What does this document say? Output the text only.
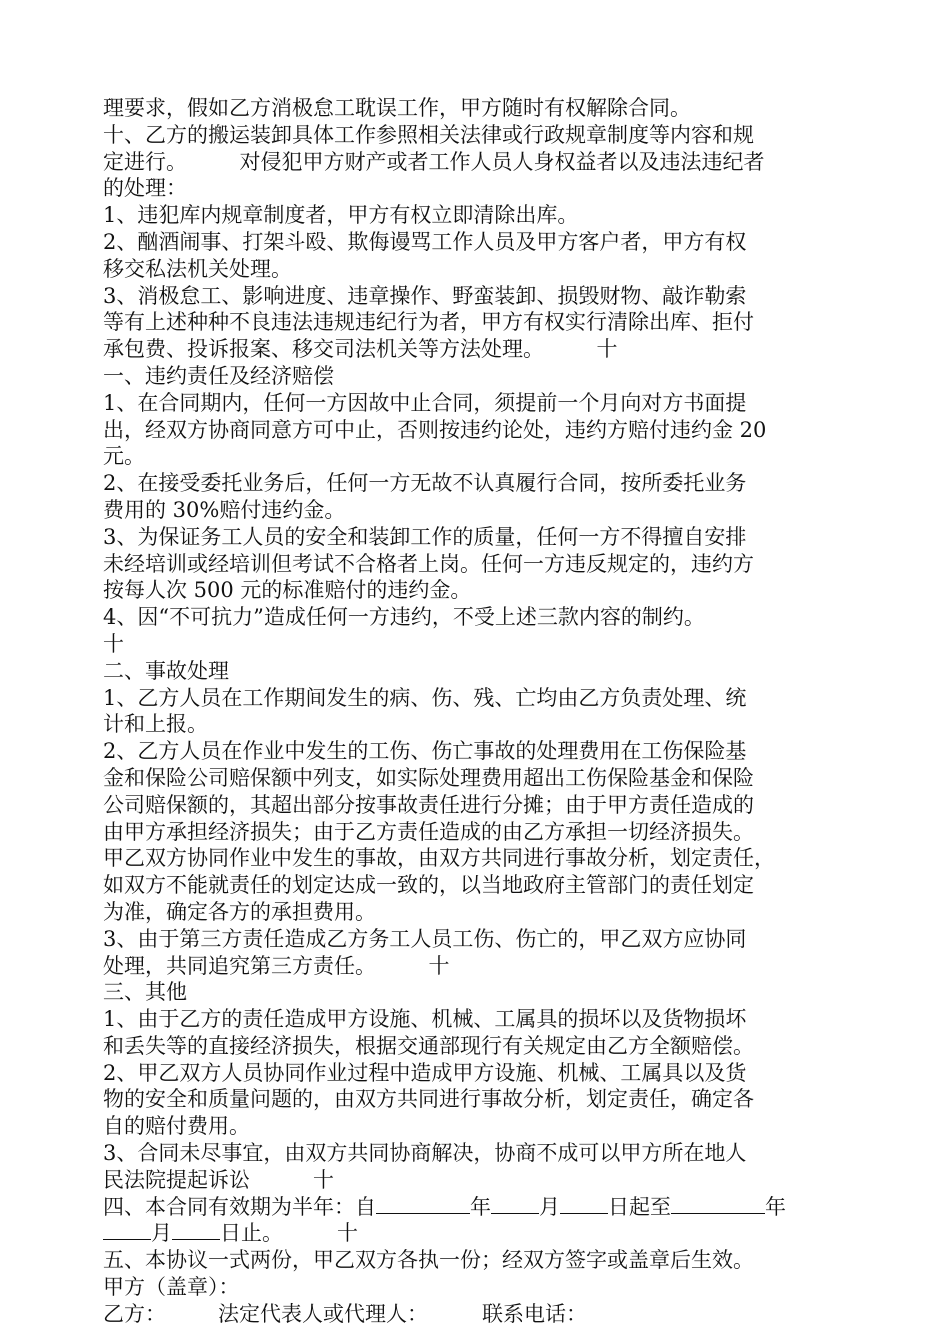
理要求，假如乙方消极怠工耽误工作，甲方随时有权解除合同。
十、乙方的搬运装卸具体工作参照相关法律或行政规章制度等内容和规
定进行。　　　对侵犯甲方财产或者工作人员人身权益者以及违法违纪者
的处理：
1、违犯库内规章制度者，甲方有权立即清除出库。
2、酗酒闹事、打架斗殴、欺侮谩骂工作人员及甲方客户者，甲方有权
移交私法机关处理。
3、消极怠工、影响进度、违章操作、野蛮装卸、损毁财物、敲诈勒索
等有上述种种不良违法违规违纪行为者，甲方有权实行清除出库、拒付
承包费、投诉报案、移交司法机关等方法处理。　　　十
一、违约责任及经济赔偿
1、在合同期内，任何一方因故中止合同，须提前一个月向对方书面提
出，经双方协商同意方可中止，否则按违约论处，违约方赔付违约金 20
元。
2、在接受委托业务后，任何一方无故不认真履行合同，按所委托业务
费用的 30%赔付违约金。
3、为保证务工人员的安全和装卸工作的质量，任何一方不得擅自安排
未经培训或经培训但考试不合格者上岗。任何一方违反规定的，违约方
按每人次 500 元的标准赔付的违约金。
4、因“不可抗力”造成任何一方违约，不受上述三款内容的制约。
十
二、事故处理
1、乙方人员在工作期间发生的病、伤、残、亡均由乙方负责处理、统
计和上报。
2、乙方人员在作业中发生的工伤、伤亡事故的处理费用在工伤保险基
金和保险公司赔保额中列支，如实际处理费用超出工伤保险基金和保险
公司赔保额的，其超出部分按事故责任进行分摊；由于甲方责任造成的
由甲方承担经济损失；由于乙方责任造成的由乙方承担一切经济损失。
甲乙双方协同作业中发生的事故，由双方共同进行事故分析，划定责任，
如双方不能就责任的划定达成一致的，以当地政府主管部门的责任划定
为准，确定各方的承担费用。
3、由于第三方责任造成乙方务工人员工伤、伤亡的，甲乙双方应协同
处理，共同追究第三方责任。　　　十
三、其他
1、由于乙方的责任造成甲方设施、机械、工属具的损坏以及货物损坏
和丢失等的直接经济损失，根据交通部现行有关规定由乙方全额赔偿。
2、甲乙双方人员协同作业过程中造成甲方设施、机械、工属具以及货
物的安全和质量问题的，由双方共同进行事故分析，划定责任，确定各
自的赔付费用。
3、合同未尽事宜，由双方共同协商解决，协商不成可以甲方所在地人
民法院提起诉讼　　　十
四、本合同有效期为半年：自	年 月 日起至	年
月 日止。	十
五、本协议一式两份，甲乙双方各执一份；经双方签字或盖章后生效。
甲方（盖章）：
乙方： 法定代表人或代理人：	联系电话：
